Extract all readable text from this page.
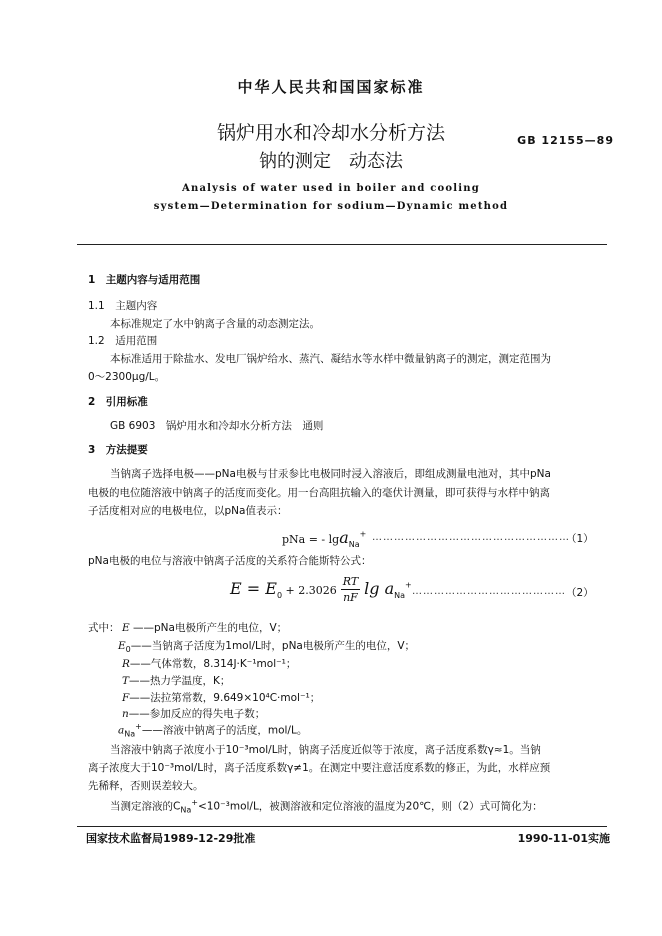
中华人民共和国国家标准
锅炉用水和冷却水分析方法
钠的测定　动态法
GB 12155—89
Analysis of water used in boiler and cooling
system—Determination for sodium—Dynamic method
1　主题内容与适用范围
1.1　主题内容
本标准规定了水中钠离子含量的动态测定法。
1.2　适用范围
本标准适用于除盐水、发电厂锅炉给水、蒸汽、凝结水等水样中微量钠离子的测定，测定范围为
0～2300μg/L。
2　引用标准
GB 6903　锅炉用水和冷却水分析方法　通则
3　方法提要
当钠离子选择电极——pNa电极与甘汞参比电极同时浸入溶液后，即组成测量电池对，其中pNa
电极的电位随溶液中钠离子的活度而变化。用一台高阻抗输入的毫伏计测量，即可获得与水样中钠离
子活度相对应的电极电位，以pNa值表示：
pNa = - lga$_{Na}$+ ………………………………………………
（1）
pNa电极的电位与溶液中钠离子活度的关系符合能斯特公式：
$E = E_0 + 2.3026 \frac{RT}{nF}$ $\lg a_{Na}^+$
…………………………………… （2）
式中： E ——pNa电极所产生的电位，V；
$E_0——$当钠离子活度为1mol/L时，pNa电极所产生的电位，V；
R——气体常数，8.314J·K⁻¹mol⁻¹；
T——热力学温度，K；
F——法拉第常数，9.649×10⁴C·mol⁻¹；
n——参加反应的得失电子数；
$a_{Na}^+——$溶液中钠离子的活度，mol/L。
当溶液中钠离子浓度小于10⁻³mol/L时，钠离子活度近似等于浓度，离子活度系数γ≈1。当钠
离子浓度大于10⁻³mol/L时，离子活度系数γ≠1。在测定中要注意活度系数的修正，为此，水样应预
先稀释，否则误差较大。
当测定溶液的$C_{Na}^+<10^{-3}mol/L$，被测溶液和定位溶液的温度为20℃，则（2）式可简化为：
国家技术监督局1989-12-29批准	1990-11-01实施
